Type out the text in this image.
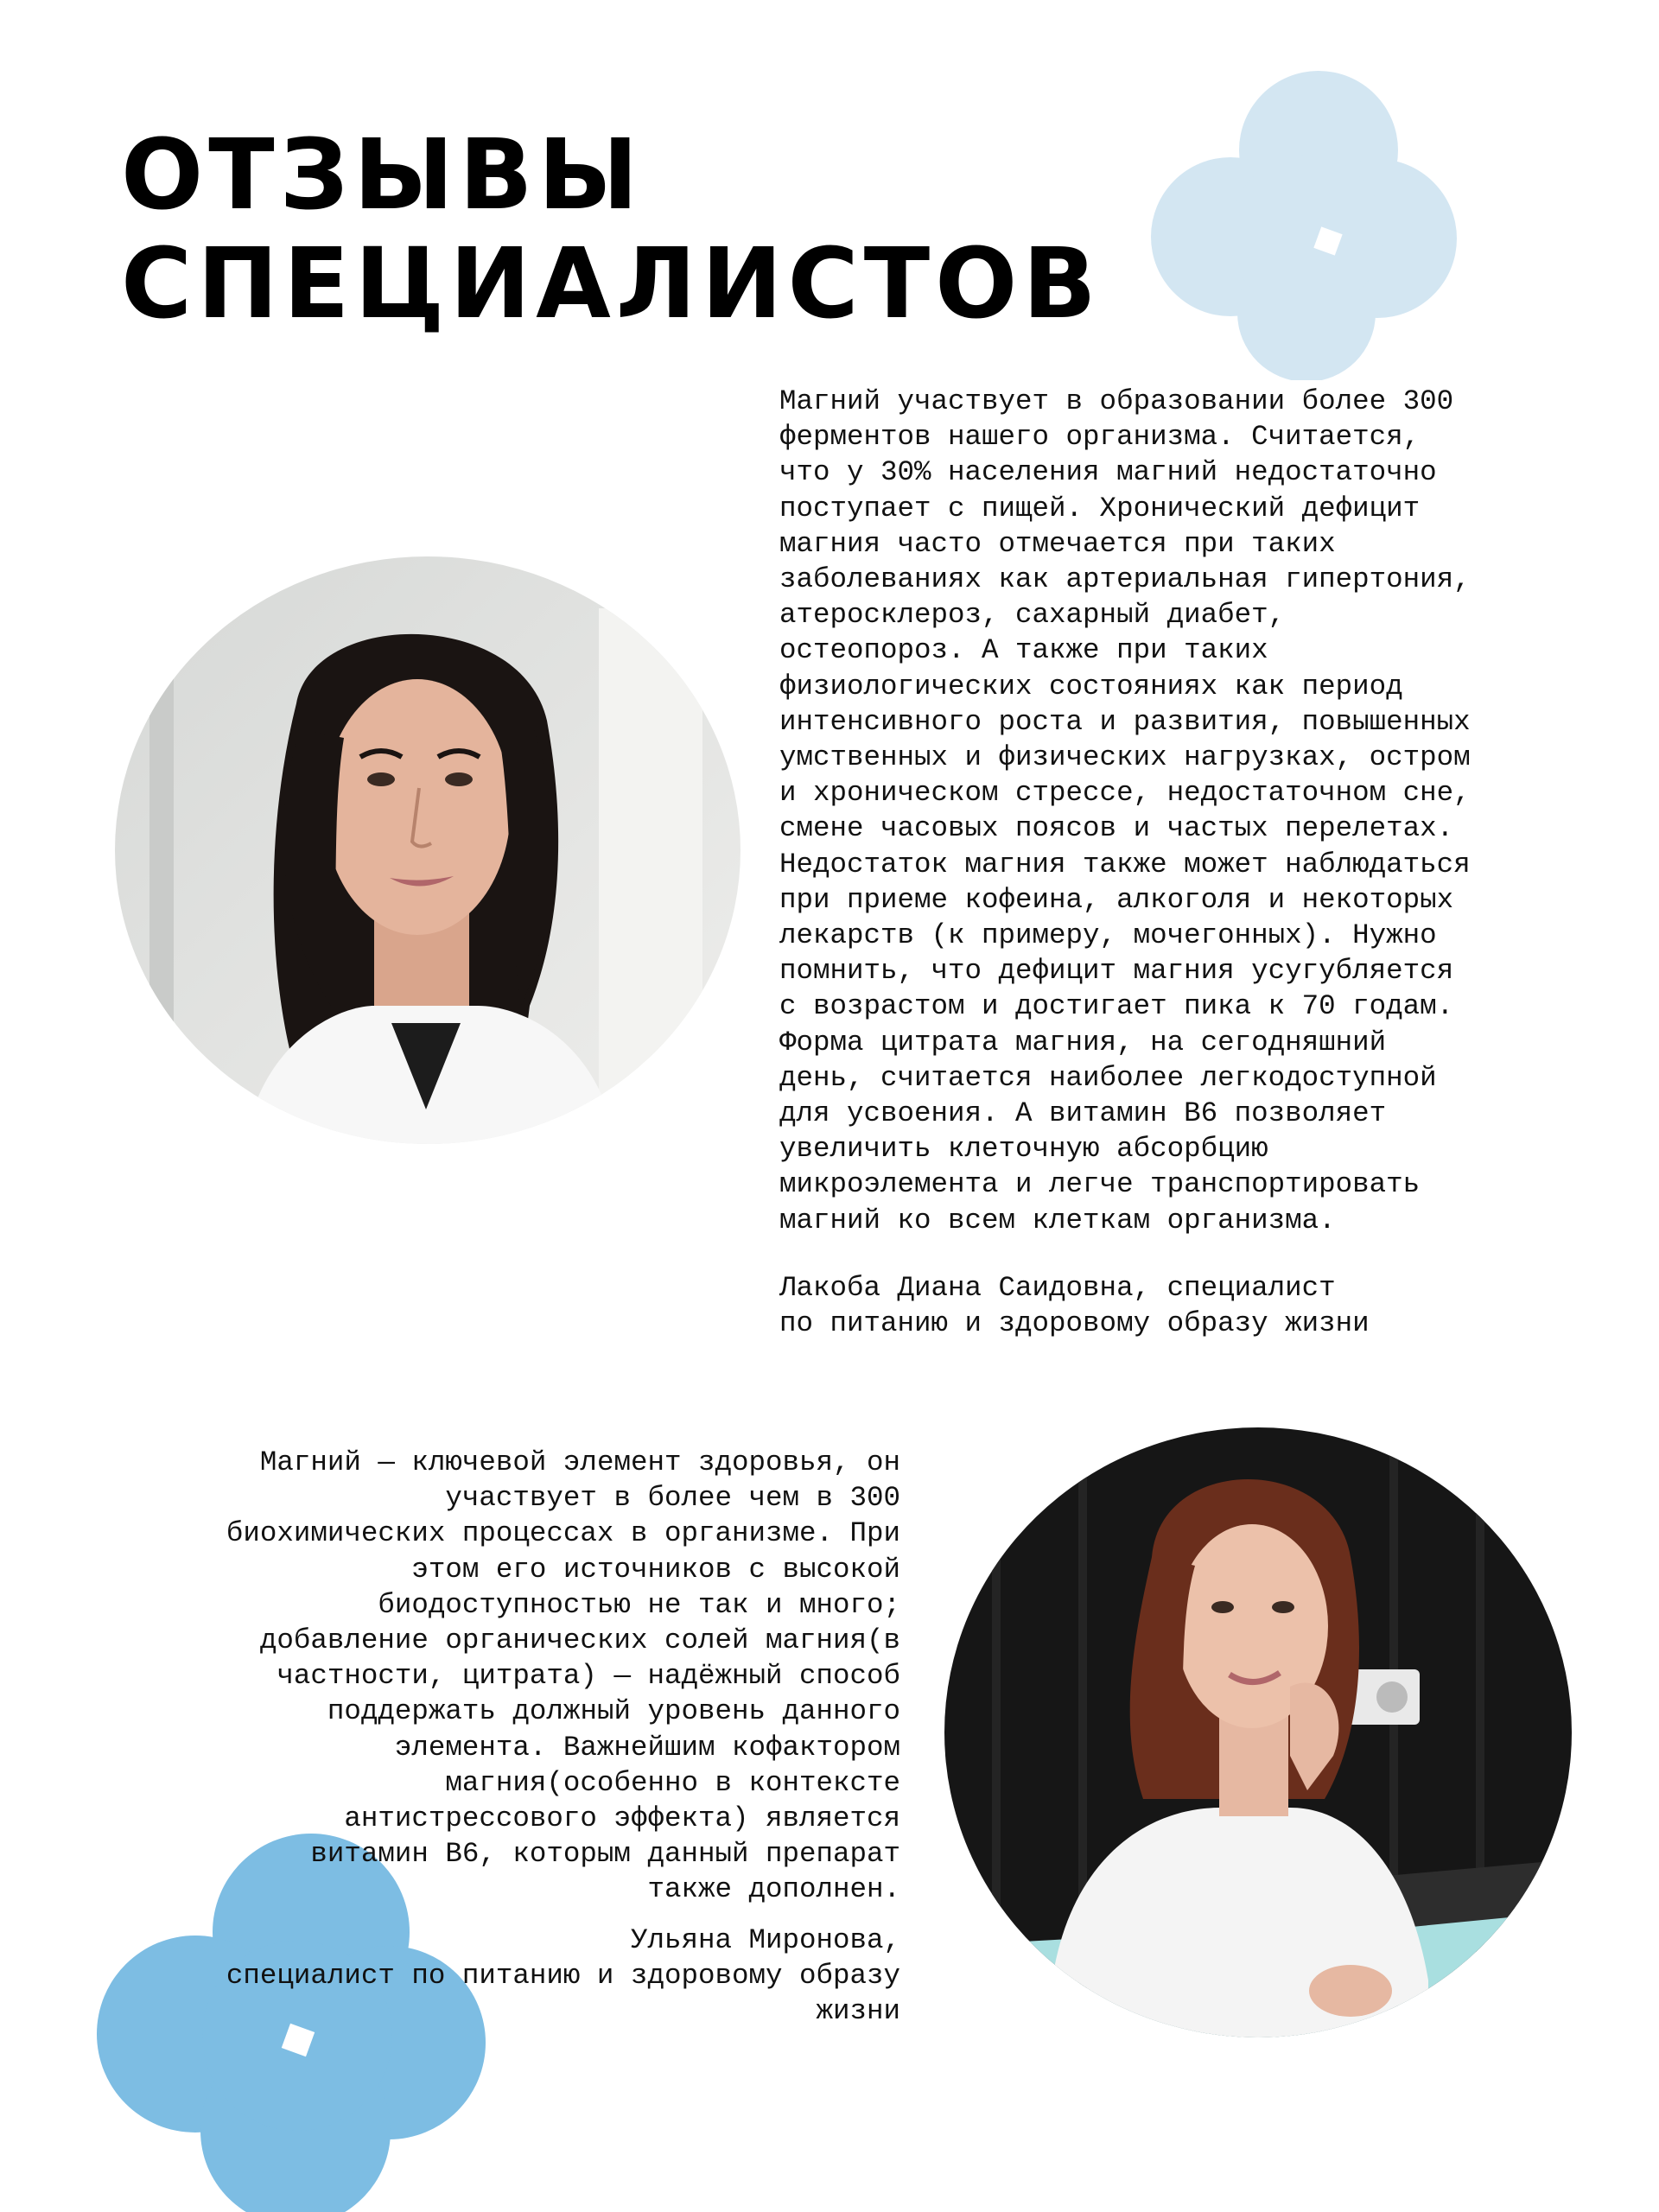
ОТЗЫВЫ
СПЕЦИАЛИСТОВ
Магний участвует в образовании более 300
ферментов нашего организма. Считается,
что у 30% населения магний недостаточно
поступает с пищей. Хронический дефицит
магния часто отмечается при таких
заболеваниях как артериальная гипертония,
атеросклероз, сахарный диабет,
остеопороз. А также при таких
физиологических состояниях как период
интенсивного роста и развития, повышенных
умственных и физических нагрузках, остром
и хроническом стрессе, недостаточном сне,
смене часовых поясов и частых перелетах.
Недостаток магния также может наблюдаться
при приеме кофеина, алкоголя и некоторых
лекарств (к примеру, мочегонных). Нужно
помнить, что дефицит магния усугубляется
с возрастом и достигает пика к 70 годам.
Форма цитрата магния, на сегодняшний
день, считается наиболее легкодоступной
для усвоения. А витамин В6 позволяет
увеличить клеточную абсорбцию
микроэлемента и легче транспортировать
магний ко всем клеткам организма.
Лакоба Диана Саидовна, специалист
по питанию и здоровому образу жизни
Магний — ключевой элемент здоровья, он
участвует в более чем в 300
биохимических процессах в организме. При
этом его источников с высокой
биодоступностью не так и много;
добавление органических солей магния(в
частности, цитрата) — надёжный способ
поддержать должный уровень данного
элемента. Важнейшим кофактором
магния(особенно в контексте
антистрессового эффекта) является
витамин В6, которым данный препарат
также дополнен.
Ульяна Миронова,
специалист по питанию и здоровому образу
жизни
